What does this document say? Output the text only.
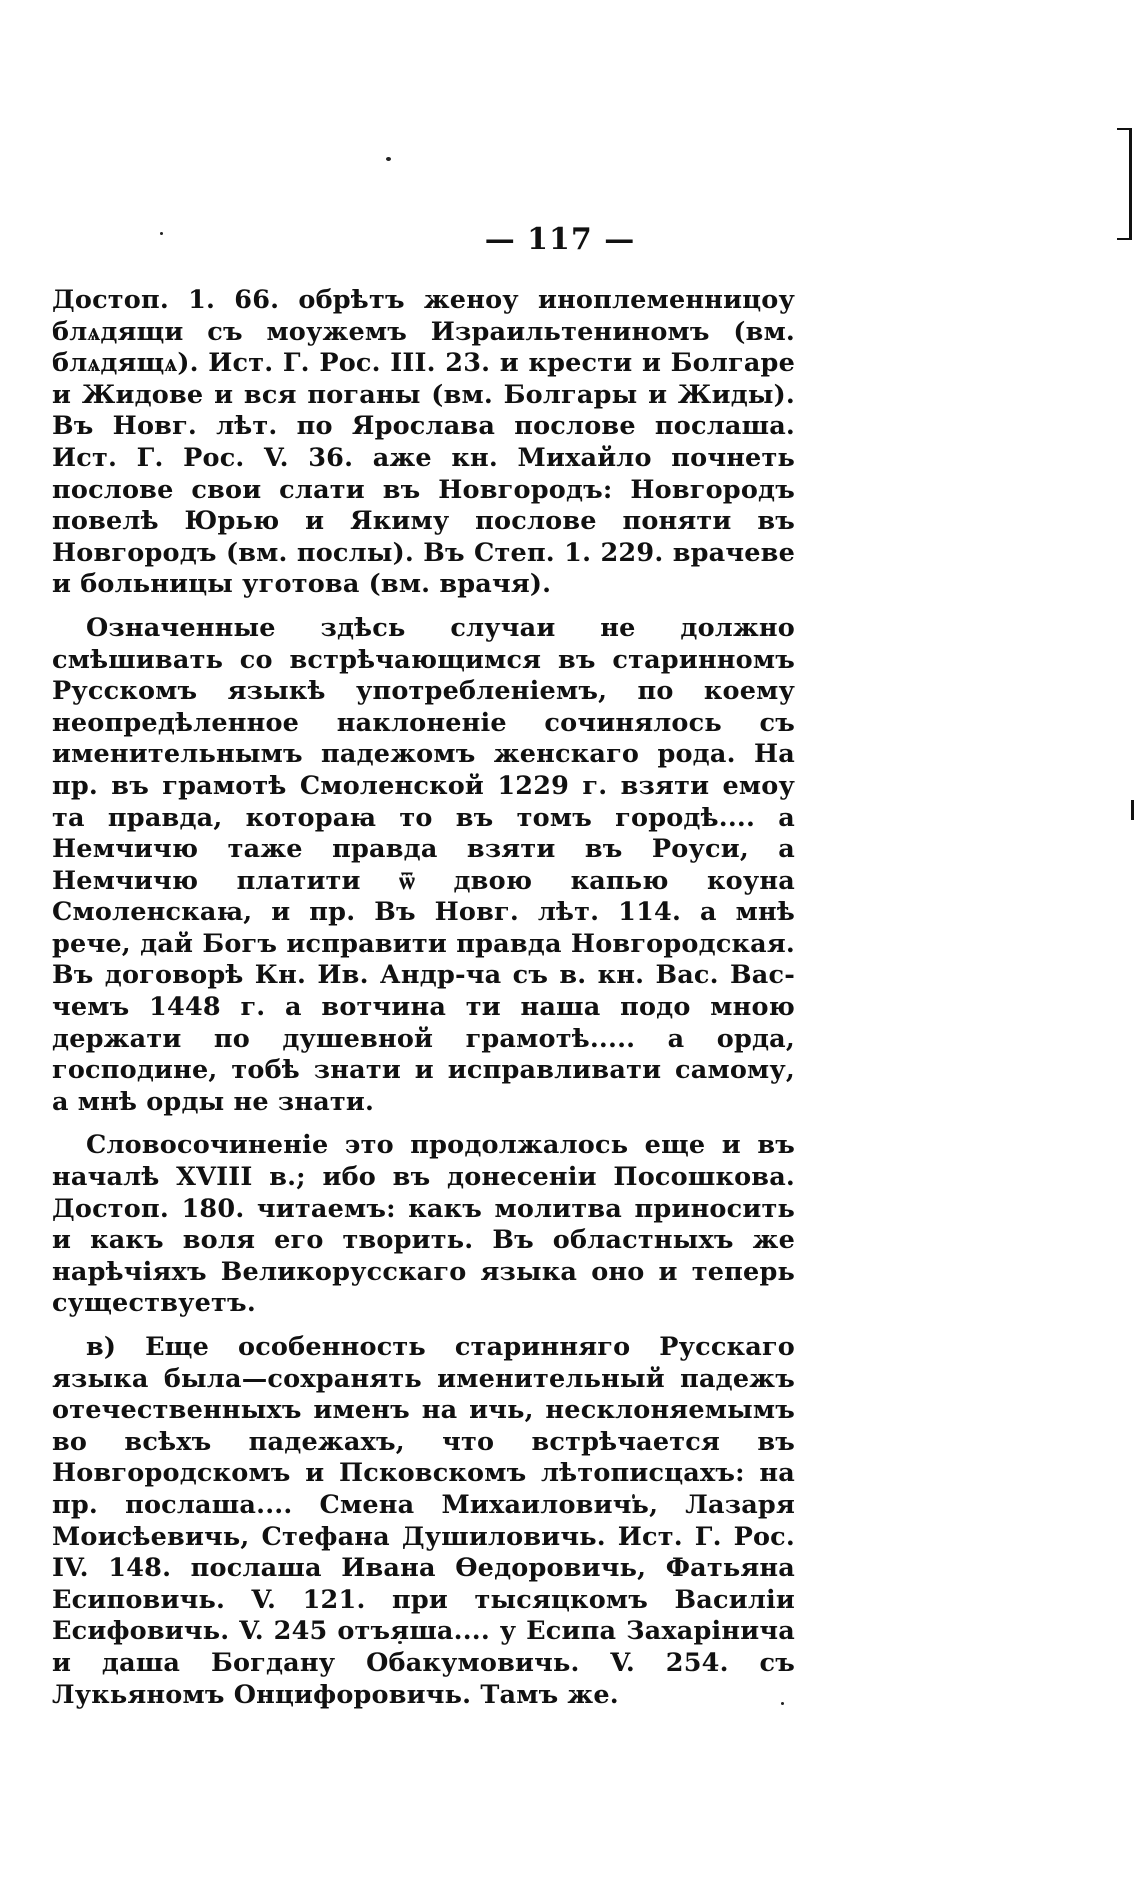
— 117 —

Достоп. 1. 66. обрѣтъ женоу иноплеменницоу блѧдящи съ моужемъ Израильтениномъ (вм. блѧдящѧ). Ист. Г. Рос. III. 23. и крести и Болгаре и Жидове и вся поганы (вм. Болгары и Жиды). Въ Новг. лѣт. по Ярослава послове послаша. Ист. Г. Рос. V. 36. аже кн. Михайло почнеть послове свои слати въ Новгородъ: Новгородъ повелѣ Юрью и Якиму послове поняти въ Новгородъ (вм. послы). Въ Степ. 1. 229. врачеве и больницы уготова (вм. врачя).

Означенные здѣсь случаи не должно смѣшивать со встрѣчающимся въ старинномъ Русскомъ языкѣ употребленіемъ, по коему неопредѣленное наклоненіе сочинялось съ именительнымъ падежомъ женскаго рода. На пр. въ грамотѣ Смоленской 1229 г. взяти емоу та правда, котораꙗ то въ томъ городѣ.... а Немчичю таже правда взяти въ Роуси, а Немчичю платити ѿ двою капью коуна Смоленскаꙗ, и пр. Въ Новг. лѣт. 114. а мнѣ рече, дай Богъ исправити правда Новгородская. Въ договорѣ Кн. Ив. Андр-ча съ в. кн. Вас. Вас-чемъ 1448 г. а вотчина ти наша подо мною держати по душевной грамотѣ..... а орда, господине, тобѣ знати и исправливати самому, а мнѣ орды не знати.

Словосочиненіе это продолжалось еще и въ началѣ XVIII в.; ибо въ донесеніи Посошкова. Достоп. 180. читаемъ: какъ молитва приносить и какъ воля его творить. Въ областныхъ же нарѣчіяхъ Великорусскаго языка оно и теперь существуетъ.

в) Еще особенность старинняго Русскаго языка была—сохранять именительный падежъ отечественныхъ именъ на ичь, несклоняемымъ во всѣхъ падежахъ, что встрѣчается въ Новгородскомъ и Псковскомъ лѣтописцахъ: на пр. послаша.... Смена Михаиловичь, Лазаря Моисѣевичь, Стефана Душиловичь. Ист. Г. Рос. IV. 148. послаша Ивана Ѳедоровичь, Фатьяна Есиповичь. V. 121. при тысяцкомъ Василіи Есифовичь. V. 245 отъяша.... у Есипа Захарінича и даша Богдану Обакумовичь. V. 254. съ Лукьяномъ Онцифоровичь. Тамъ же.
